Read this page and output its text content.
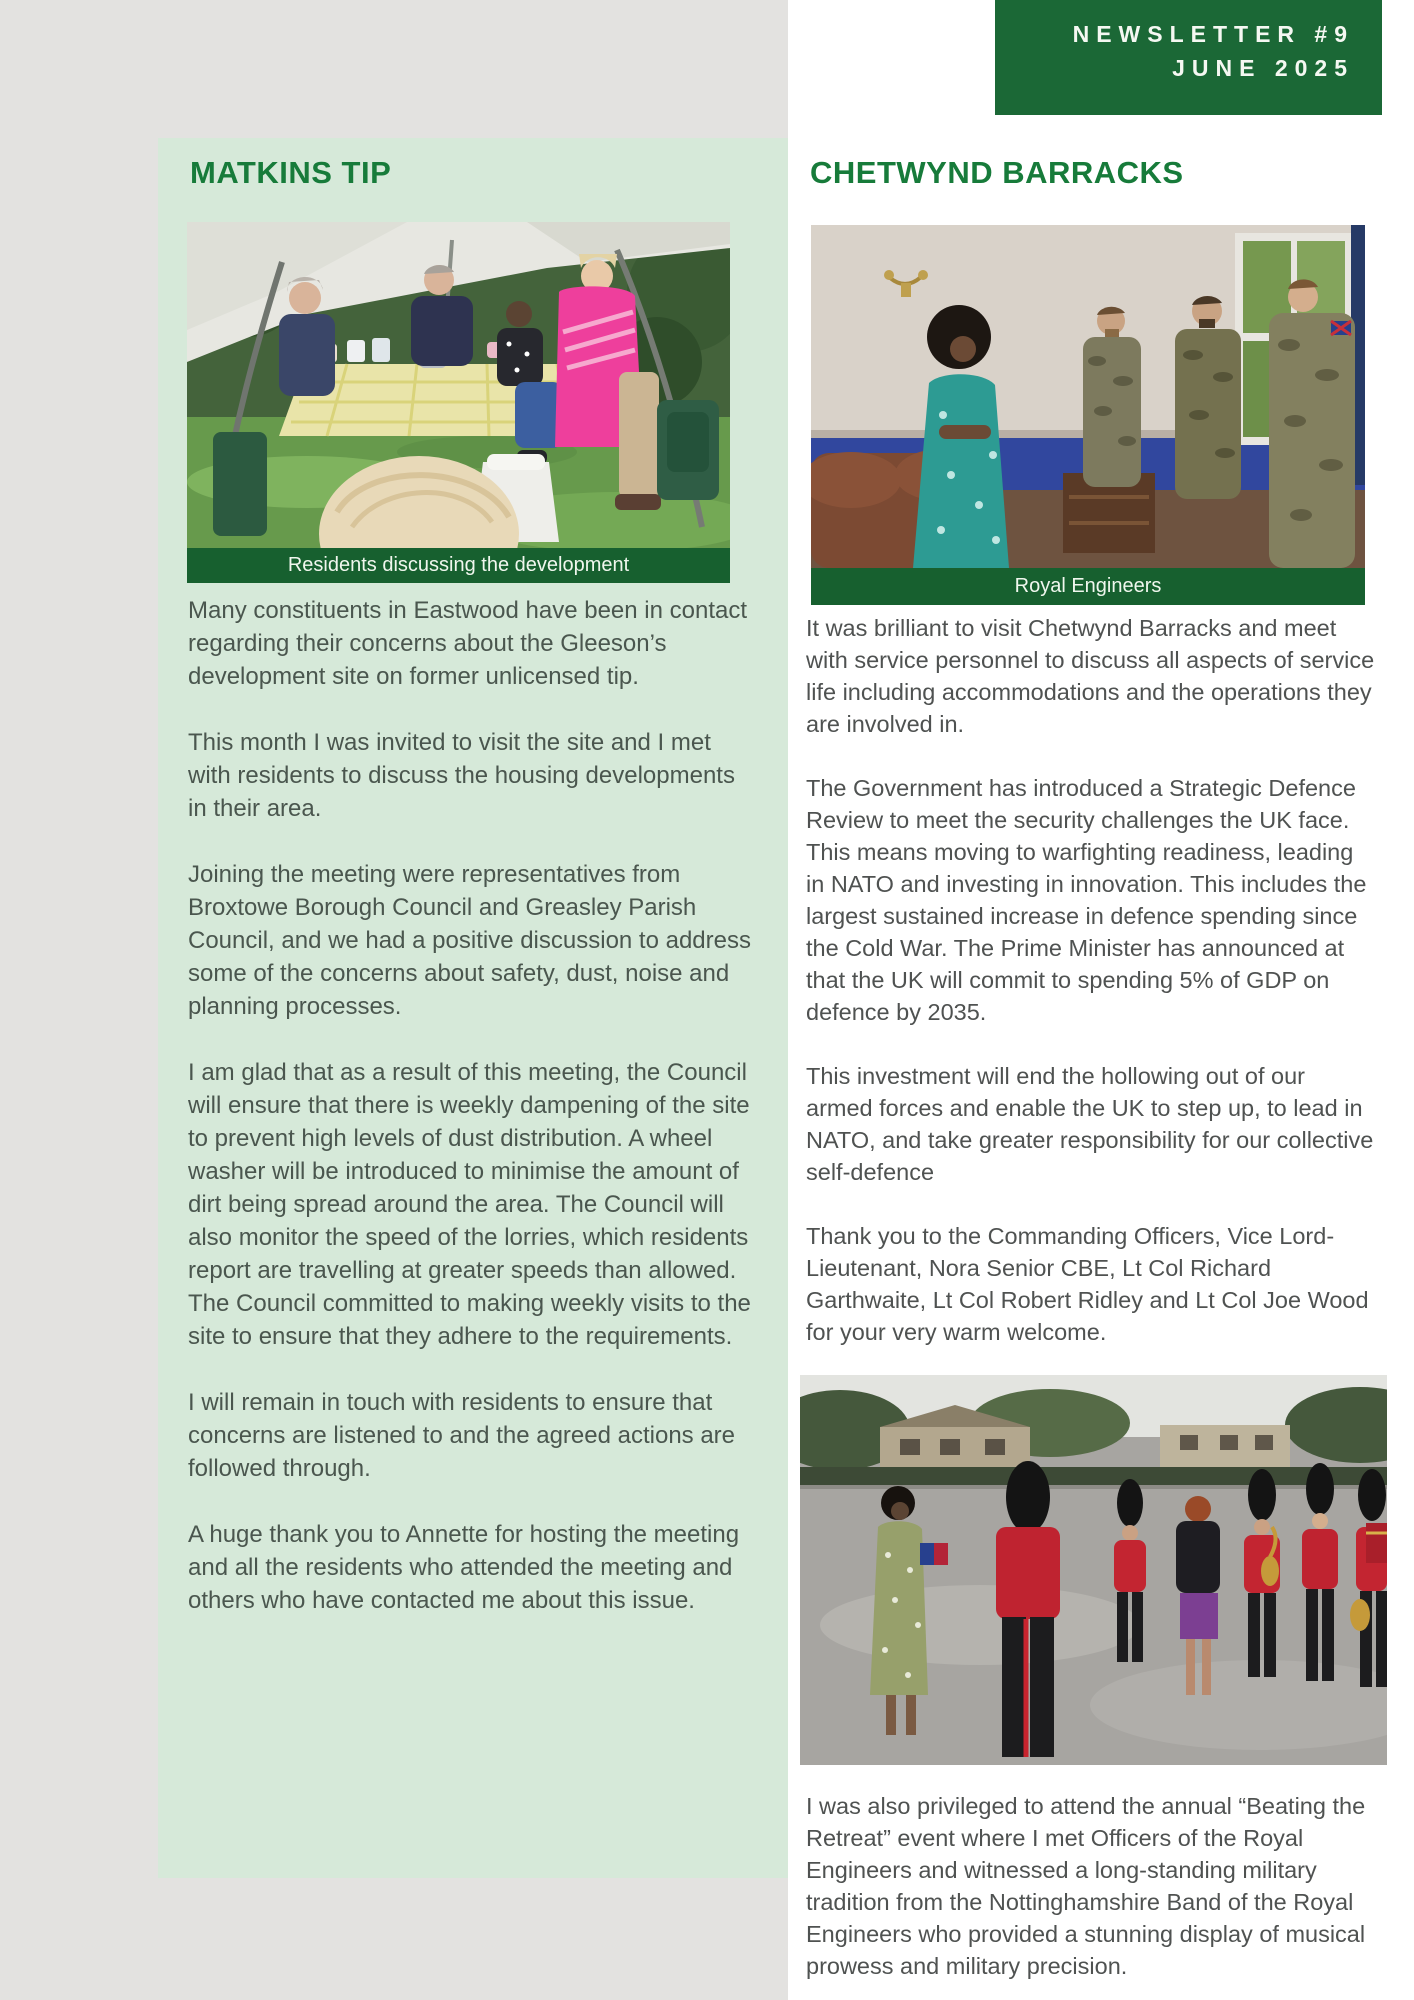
NEWSLETTER #9
JUNE 2025
MATKINS TIP	CHETWYND BARRACKS
Residents discussing the development

Many constituents in Eastwood have been in contact regarding their concerns about the Gleeson’s development site on former unlicensed tip.

This month I was invited to visit the site and I met with residents to discuss the housing developments in their area.

Joining the meeting were representatives from Broxtowe Borough Council and Greasley Parish Council, and we had a positive discussion to address some of the concerns about safety, dust, noise and planning processes.

I am glad that as a result of this meeting, the Council will ensure that there is weekly dampening of the site to prevent high levels of dust distribution. A wheel washer will be introduced to minimise the amount of dirt being spread around the area. The Council will also monitor the speed of the lorries, which residents report are travelling at greater speeds than allowed. The Council committed to making weekly visits to the site to ensure that they adhere to the requirements.

I will remain in touch with residents to ensure that concerns are listened to and the agreed actions are followed through.

A huge thank you to Annette for hosting the meeting and all the residents who attended the meeting and others who have contacted me about this issue.

Royal Engineers

It was brilliant to visit Chetwynd Barracks and meet with service personnel to discuss all aspects of service life including accommodations and the operations they are involved in.

The Government has introduced a Strategic Defence Review to meet the security challenges the UK face. This means moving to warfighting readiness, leading in NATO and investing in innovation. This includes the largest sustained increase in defence spending since the Cold War. The Prime Minister has announced at that the UK will commit to spending 5% of GDP on defence by 2035.

This investment will end the hollowing out of our armed forces and enable the UK to step up, to lead in NATO, and take greater responsibility for our collective self-defence

Thank you to the Commanding Officers, Vice Lord-Lieutenant, Nora Senior CBE, Lt Col Richard Garthwaite, Lt Col Robert Ridley and Lt Col Joe Wood for your very warm welcome.

I was also privileged to attend the annual “Beating the Retreat” event where I met Officers of the Royal Engineers and witnessed a long-standing military tradition from the Nottinghamshire Band of the Royal Engineers who provided a stunning display of musical prowess and military precision.
